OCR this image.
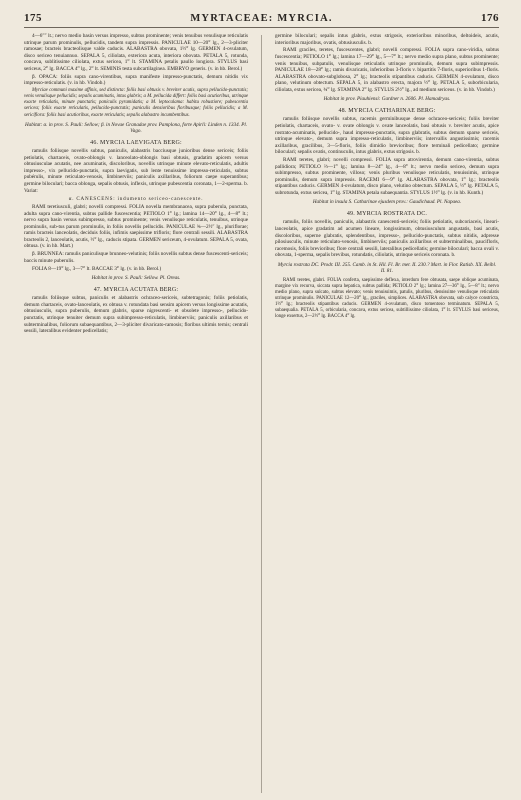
175	MYRTACEAE: MYRCIA.	176

4—6″″ lt.; nervo medio basin versus impresso, subtus prominente; venis tenuibus venulisque reticulatis utrinque parum prominulis, pellucidis, tandem supra impressis. PANICULAE 10—20‴ lg., 2—3-pliciter ramosae; bracteis bracteolisque valde caducis. ALABASTRA obovata, 1½‴ lg. GERMEN 4-ovulatum, disco sericeo tenuiannuo. SEPALA 5, ciliolata, exteriora acuta, interiora obovata. PETALA 5, rotunda, concava, sublitissime ciliolata, extus sericea, 1‴ lt. STAMINA petalis paullo longiora. STYLUS basi sericeus, 2‴ lg. BACCA 4‴ lg., 2‴ lt. SEMINIS testa subcartilaginea. EMBRYO generis. (v. in hb. Berol.)

β. OPACA: foliis supra cano-virentibus, supra manifeste impresso-punctatis, demum nitidis vix impresso-reticulatis. (v. in hb. Vindob.)

Myrciae communi maxime affinis, sed distincta: foliis basi obtusis v. breviter acutis, supra pellucido-punctatis; venis venulisque pellucidis; sepalis acuminatis, intus glabris; a M. pellucida differt: foliis basi acutioribus, utrinque exacte reticulatis, minute punctatis; paniculis pyramidatis; a M. leptocalama: habitu robustiore; pubescentia sericea; foliis exacte reticulatis, pellucido-punctatis; paniculis densioribus floribusque; foliis pellucidis; a M. sericiflora: foliis basi acutioribus, exacte reticulatis; sepalis alabastro incumbentibus.

Habitat: α. in prov. S. Pauli: Sellow; β. in Novae Granadae prov. Pamplona, forte Apirli: Linden n. 1334. Pl. Vago.

46. MYRCIA LAEVIGATA BERG:

ramulis foliisque novellis subtus, paniculis, alabastris bacciusque junioribus dense sericeis; foliis petiolatis, chartaceis, ovato-oblongis v. lanceolato-oblongis basi obtusis, gradatim apicem versus obtusiusculae acutatis, nee acuminatis, discoloribus, novellis utrinque minute elevato-reticulatis, adultis impresso-, vix pellucido-punctatis, supra laevigatis, sub lente tenuissime impresso-reticulatis, subtus pubérulis, minute reticulato-venosis, limbinerviis; paniculis axillaribus, foliorum caepe superantibus; germine biloculari; bacca oblonga, sepalis obtusis, inflexis, utrinque pubescentia coronata, 1—2-sperma. b. Variat:

α. CANESCENS: indumento sericeo-canescente.

RAMI teretiusculi, glabri; novelli compressi. FOLIA novella membranacea, supra puberula, punctata, adulta supra cano-virentia, subtus pallide fuscescentia; PETIOLO 1‴ lg.; lamina 14—20‴ lg., 4—8‴ lt.; nervo supra basin versus subimpresso, subtus prominente; venis venulisque reticulatis, tenuibus, utrinque prominulis, sub-tus parum prominulis, in foliis novellis pellucidis. PANICULAE ¾—2½″ lg., pluriflorae; ramis bracteis lanceolatis, deciduis foliis, infimis saepissime trifloris; flore centrali sessili. ALABASTRA bracteolis 2, lanceolatis, acutis, ½‴ lg., caducis stipata. GERMEN sericeum, 4-ovulatum. SEPALA 5, ovata, obtusa. (v. in hb. Mart.)

β. BRUNNEA: ramulis paniculisque brunneo-velutinis; foliis novellis subtus dense fuscescenti-sericeis; baccis minute puberulis.

FOLIA 8—19‴ lg., 3—7‴ lt. BACCAE 3‴ lg. (v. in hb. Berol.)

Habitat in prov. S. Pauli: Sellow. Pl. Oreas.

47. MYRCIA ACUTATA BERG:

ramulis foliisque subtus, paniculis et alabastris ochraceo-sericeis, subtetragonis; foliis petiolatis, demum chartaceis, ovato-lanceolatis, ex obtusa v. rotundata basi sensim apicem versus longissime acutatis, obtusiusculis, supra puberulis, demum glabris, sparse nigrescenti- et obsolete impresso-, pellucido-punctatis, utrinque tenuiter demum supra subimpresso-reticulatis, limbinerviis; paniculis axillaribus et subterminalibus, foliorum subaequantibus, 2—3-pliciter divaricato-ramosis; floribus ultimis ternis; centrali sessili, lateralibus evidenter pedicellatis;

germine biloculari; sepalis intus glabris, extus strigosis, exterioribus minoribus, deltoideis, acutis, interioribus majoribus, ovatis, obtusiusculis. b.

RAMI graciles, teretes, fuscescentes, glabri; novelli compressi. FOLIA supra cano-viridia, subtus fuscescentia; PETIOLO 1‴ lg.; lamina 17—29‴ lg., 5—7‴ lt.; nervo medio supra plano, subtus prominente; venis tenuibus, subpatulis, venulisque reticulatis utrinque prominulis, demum supra subimpressis. PANICULAE 18—28‴ lg.; ramis divaricatis, inferioribus 3-floris v. bipartitis 7-floris, superioribus 1-floris. ALABASTRA obovato-subglobosa, 2‴ lg.; bracteolis stipantibus caducis. GERMEN 4-ovulatum, disco plano, velutinum obtectum. SEPALA 5, in alabastro erecta, majora ½‴ lg. PETALA 5, suborbicularia, ciliolata, extus sericea, ¾‴ lg. STAMINA 2‴ lg. STYLUS 2½‴ lg., ad medium sericeus. (v. in hb. Vindob.)

Habitat in prov. Piauhiensi: Gardner n. 2606. Pl. Hamadryas.

48. MYRCIA CATHARINAE BERG:

ramulis foliisque novellis subtus, racemis germinibusque dense ochraceo-sericeis; foliis breviter petiolatis, chartaceis, ovato- v. ovate oblongis v. ovate lanceolatis, basi obtusis v. breviter acutis, apice rostrato-acuminatis, pellucido-, haud impresso-punctatis, supra glabratis, subtus demum sparse sericeis, utrinque elevato-, demum supra impresso-reticulatis, limbinerviis; intervallis angustissimis; racemis axillaribus, gracilibus, 3—5-floris, foliis dimidio brevioribus; flore terminali pedicellato; germine biloculari; sepalis ovatis, continuculis, intus glabris, extus strigosis. b.

RAMI teretes, glabri; novelli compressi. FOLIA supra atrovirentia, demum cano-virentia, subtus pallidiora; PETIOLO ⅔—1‴ lg.; lamina 8—24‴ lg., 4—8‴ lt.; nervo medio sericeo, demum supra subimpresso, subtus prominente, villoso; venis pluribus venulisque reticulatis, tenuissimis, utrinque prominulis, demum supra impressis. RACEMI 6—9‴ lg. ALABASTRA obovata, 1‴ lg.; bracteolis stipantibus caducis. GERMEN 4-ovulatum, disco plano, velutino obtectum. SEPALA 5, ½‴ lg. PETALA 5, subrotunda, extus sericea, 1‴ lg. STAMINA petala subaequantia. STYLUS 1½‴ lg. (v. in hb. Kunth.)

Habitat in insula S. Catharinae ejusdem prov.: Gaudichaud. Pl. Napaea.

49. MYRCIA ROSTRATA DC.

ramulis, foliis novellis, paniculis, alabastris canescenti-sericeis; foliis petiolatis, subcoriaceis, lineari-lanceolatis, apice gradatim ad acumen lineare, longissimum, obtusiusculum angustatis, basi acutis, discoloribus, superne glabratis, splendentibus, impresso-, pellucido-punctatis, subtus nitidis, adpresse pilosiusculis, minute reticulato-venosis, limbinerviis; paniculis axillaribus et subterminalibus, pauciflorls, racemosis, foliis brevioribus; flore centrali sessili, lateralibus pedicellatis; germine biloculari; bacca ovali v. obovata, 1-sperma, sepalis brevibus, rotundatis, ciliolatis, utrinque sericeis coronata. b.

Myrcia rostrata DC. Prodr. III. 255. Camb. in St. Hil. Fl. Br. mer. II. 230.? Mart. in Flor. Ratisb. XX. Beibl. II. 81.

RAMI teretes, glabri. FOLIA conferta, saepissime deflexa, interdum fere obtusata, saepe oblique acuminata, margine vix recurva, siccata supra hepatica, subtus pallida; PETIOLO 2‴ lg.; lamina 27—36‴ lg., 5—8″ lt.; nervo medio plano, supra sulcato, subtus elevato; venis tenuissimis, patulis, pluribus, densissime venulisque reticulatis utrinque prominulis. PANICULAE 12—20‴ lg., graciles, simplices. ALABASTRA obovata, sub calyce constricta, 1½‴ lg.; bracteolis stipantibus caducis. GERMEN 4-ovulatum, disco tomentoso terminatum. SEPALA 5, subaequalia. PETALA 5, orbicularia, concava, extus sericea, subtillissime ciliolata, 1‴ lt. STYLUS basi sericeus, longe exsertus, 2—2½‴ lg. BACCA 4‴ lg.
